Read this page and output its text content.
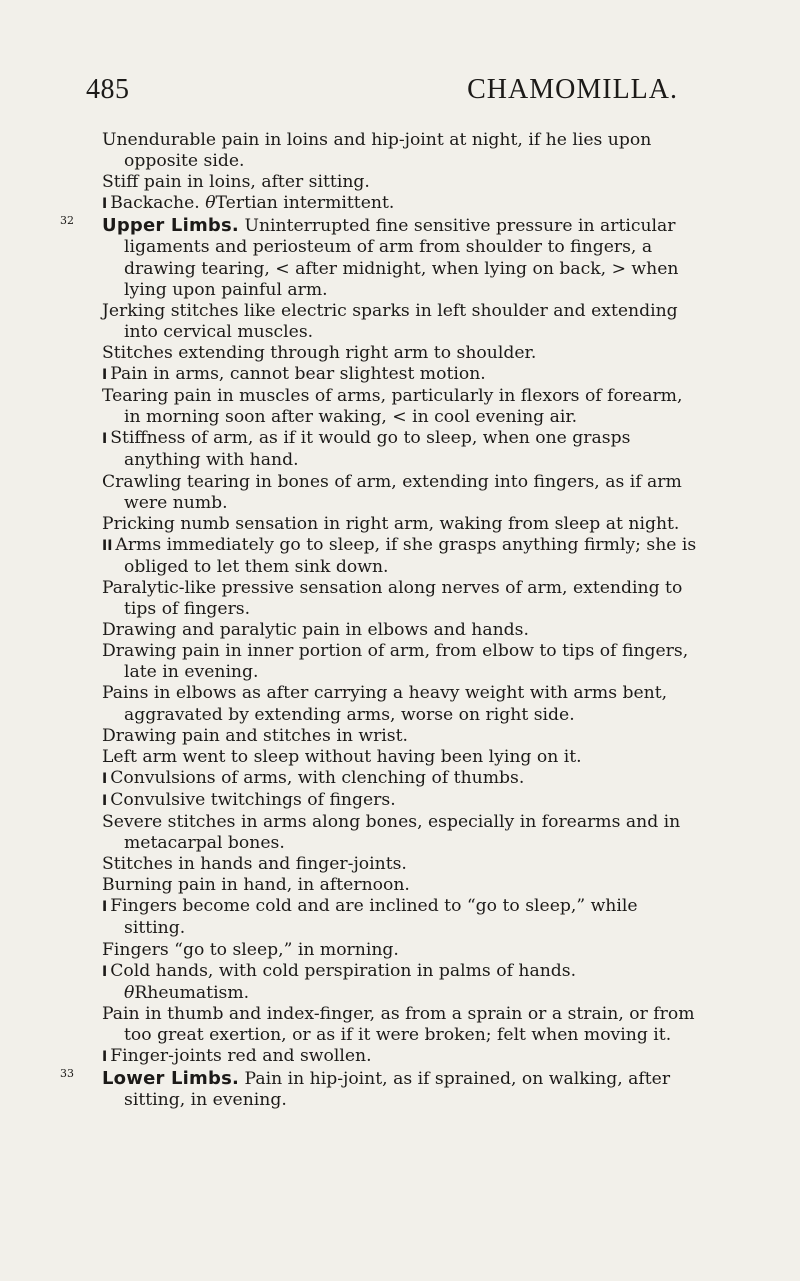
485	CHAMOMILLA.

Unendurable pain in loins and hip-joint at night, if he lies upon opposite side.

Stiff pain in loins, after sitting.

I Backache. θTertian intermittent.

32	Upper Limbs. Uninterrupted fine sensitive pressure in articular ligaments and periosteum of arm from shoulder to fingers, a drawing tearing, < after midnight, when lying on back, > when lying upon painful arm.

Jerking stitches like electric sparks in left shoulder and extending into cervical muscles.

Stitches extending through right arm to shoulder.

I Pain in arms, cannot bear slightest motion.

Tearing pain in muscles of arms, particularly in flexors of forearm, in morning soon after waking, < in cool evening air.

I Stiffness of arm, as if it would go to sleep, when one grasps anything with hand.

Crawling tearing in bones of arm, extending into fingers, as if arm were numb.

Pricking numb sensation in right arm, waking from sleep at night.

II Arms immediately go to sleep, if she grasps anything firmly; she is obliged to let them sink down.

Paralytic-like pressive sensation along nerves of arm, extending to tips of fingers.

Drawing and paralytic pain in elbows and hands.

Drawing pain in inner portion of arm, from elbow to tips of fingers, late in evening.

Pains in elbows as after carrying a heavy weight with arms bent, aggravated by extending arms, worse on right side.

Drawing pain and stitches in wrist.

Left arm went to sleep without having been lying on it.

I Convulsions of arms, with clenching of thumbs.

I Convulsive twitchings of fingers.

Severe stitches in arms along bones, especially in forearms and in metacarpal bones.

Stitches in hands and finger-joints.

Burning pain in hand, in afternoon.

I Fingers become cold and are inclined to “go to sleep,” while sitting.

Fingers “go to sleep,” in morning.

I Cold hands, with cold perspiration in palms of hands. θRheumatism.

Pain in thumb and index-finger, as from a sprain or a strain, or from too great exertion, or as if it were broken; felt when moving it.

I Finger-joints red and swollen.

33	Lower Limbs. Pain in hip-joint, as if sprained, on walking, after sitting, in evening.
